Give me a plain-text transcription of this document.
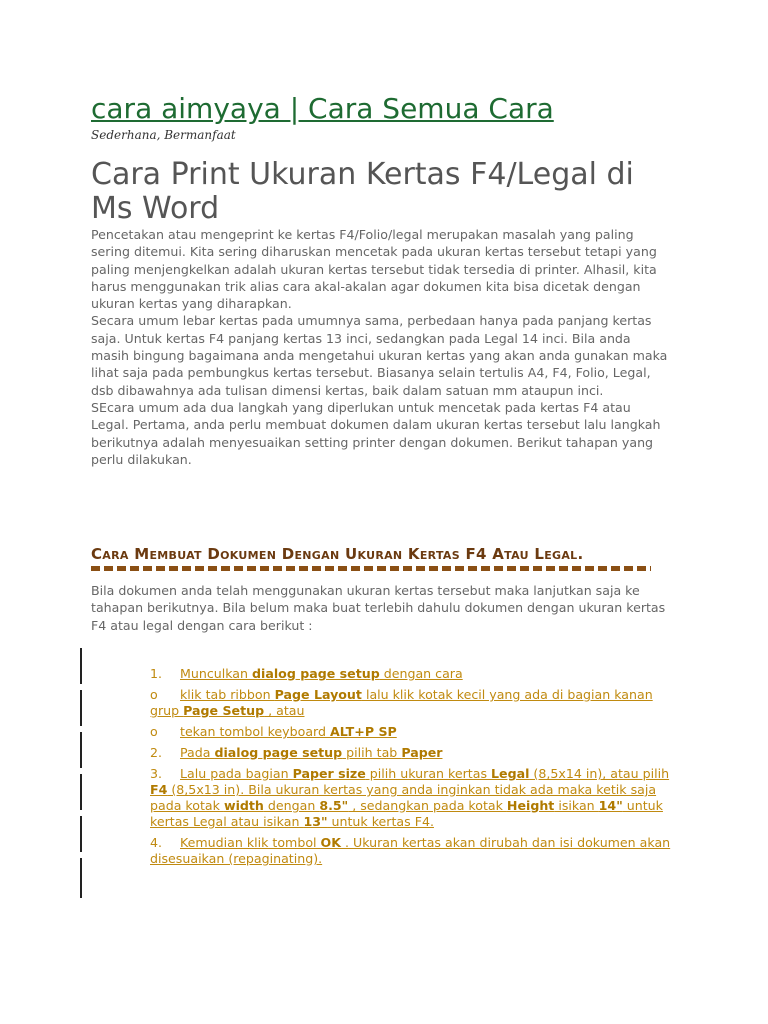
cara aimyaya | Cara Semua Cara
Sederhana, Bermanfaat
Cara Print Ukuran Kertas F4/Legal di Ms Word

Pencetakan atau mengeprint ke kertas F4/Folio/legal merupakan masalah yang paling sering ditemui. Kita sering diharuskan mencetak pada ukuran kertas tersebut tetapi yang paling menjengkelkan adalah ukuran kertas tersebut tidak tersedia di printer. Alhasil, kita harus menggunakan trik alias cara akal-akalan agar dokumen kita bisa dicetak dengan ukuran kertas yang diharapkan.

Secara umum lebar kertas pada umumnya sama, perbedaan hanya pada panjang kertas saja. Untuk kertas F4 panjang kertas 13 inci, sedangkan pada Legal 14 inci. Bila anda masih bingung bagaimana anda mengetahui ukuran kertas yang akan anda gunakan maka lihat saja pada pembungkus kertas tersebut. Biasanya selain tertulis A4, F4, Folio, Legal, dsb dibawahnya ada tulisan dimensi kertas, baik dalam satuan mm ataupun inci.

SEcara umum ada dua langkah yang diperlukan untuk mencetak pada kertas F4 atau Legal. Pertama, anda perlu membuat dokumen dalam ukuran kertas tersebut lalu langkah berikutnya adalah menyesuaikan setting printer dengan dokumen. Berikut tahapan yang perlu dilakukan.

Cara Membuat Dokumen Dengan Ukuran Kertas F4 Atau Legal.

Bila dokumen anda telah menggunakan ukuran kertas tersebut maka lanjutkan saja ke tahapan berikutnya. Bila belum maka buat terlebih dahulu dokumen dengan ukuran kertas F4 atau legal dengan cara berikut :

1. Munculkan dialog page setup dengan cara
o klik tab ribbon Page Layout lalu klik kotak kecil yang ada di bagian kanan grup Page Setup , atau
o tekan tombol keyboard ALT+P SP
2. Pada dialog page setup pilih tab Paper
3. Lalu pada bagian Paper size pilih ukuran kertas Legal (8,5x14 in), atau pilih F4 (8,5x13 in). Bila ukuran kertas yang anda inginkan tidak ada maka ketik saja pada kotak width dengan 8.5" , sedangkan pada kotak Height isikan 14" untuk kertas Legal atau isikan 13" untuk kertas F4.
4. Kemudian klik tombol OK . Ukuran kertas akan dirubah dan isi dokumen akan disesuaikan (repaginating).
